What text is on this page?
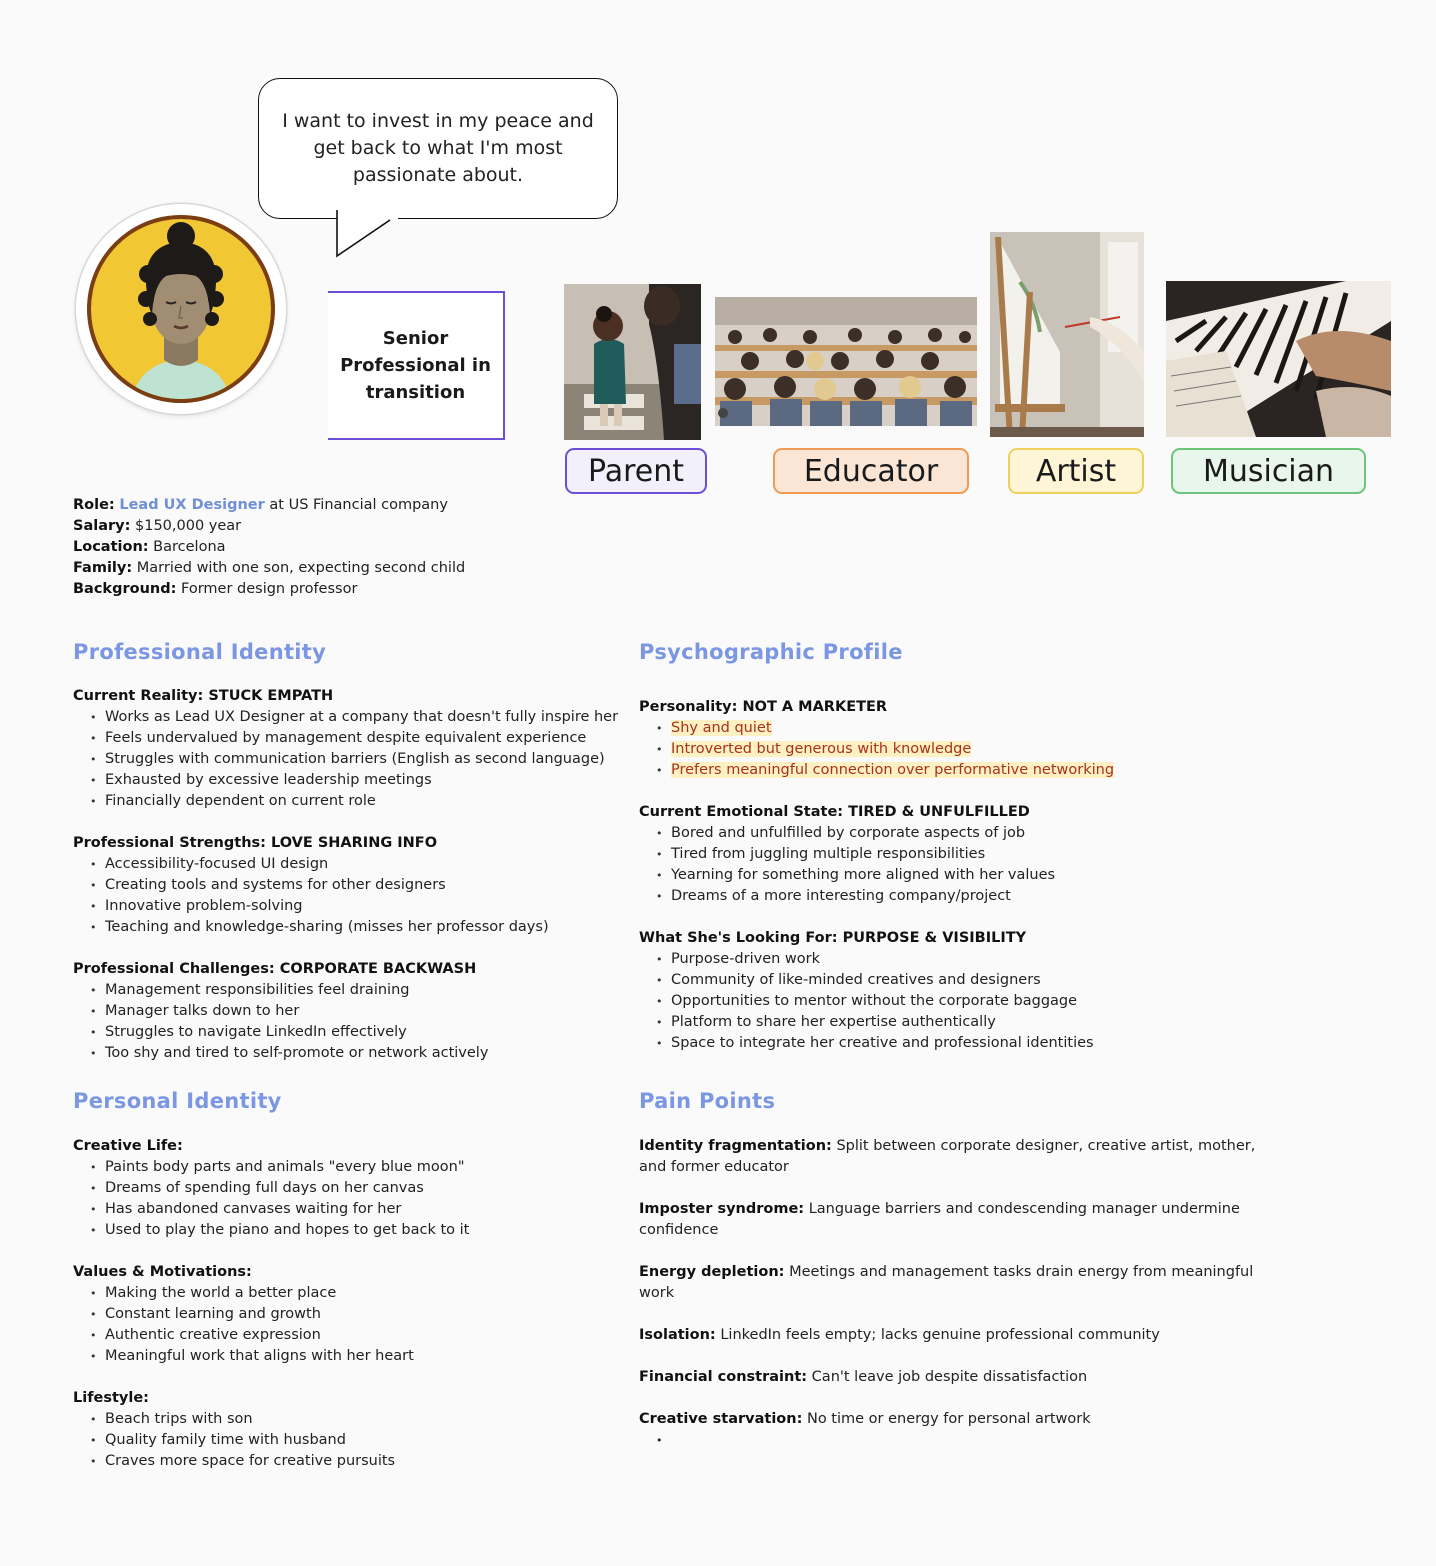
I want to invest in my peace and get back to what I'm most passionate about.
Senior Professional in transition
Parent	Educator	Artist	Musician
Role: Lead UX Designer at US Financial company
Salary: $150,000 year
Location: Barcelona
Family: Married with one son, expecting second child
Background: Former design professor
Professional Identity
Current Reality: STUCK EMPATH
• Works as Lead UX Designer at a company that doesn't fully inspire her
• Feels undervalued by management despite equivalent experience
• Struggles with communication barriers (English as second language)
• Exhausted by excessive leadership meetings
• Financially dependent on current role
Professional Strengths: LOVE SHARING INFO
• Accessibility-focused UI design
• Creating tools and systems for other designers
• Innovative problem-solving
• Teaching and knowledge-sharing (misses her professor days)
Professional Challenges: CORPORATE BACKWASH
• Management responsibilities feel draining
• Manager talks down to her
• Struggles to navigate LinkedIn effectively
• Too shy and tired to self-promote or network actively
Personal Identity
Creative Life:
• Paints body parts and animals "every blue moon"
• Dreams of spending full days on her canvas
• Has abandoned canvases waiting for her
• Used to play the piano and hopes to get back to it
Values & Motivations:
• Making the world a better place
• Constant learning and growth
• Authentic creative expression
• Meaningful work that aligns with her heart
Lifestyle:
• Beach trips with son
• Quality family time with husband
• Craves more space for creative pursuits
Psychographic Profile
Personality: NOT A MARKETER
• Shy and quiet
• Introverted but generous with knowledge
• Prefers meaningful connection over performative networking
Current Emotional State: TIRED & UNFULFILLED
• Bored and unfulfilled by corporate aspects of job
• Tired from juggling multiple responsibilities
• Yearning for something more aligned with her values
• Dreams of a more interesting company/project
What She's Looking For: PURPOSE & VISIBILITY
• Purpose-driven work
• Community of like-minded creatives and designers
• Opportunities to mentor without the corporate baggage
• Platform to share her expertise authentically
• Space to integrate her creative and professional identities
Pain Points
Identity fragmentation: Split between corporate designer, creative artist, mother, and former educator
Imposter syndrome: Language barriers and condescending manager undermine confidence
Energy depletion: Meetings and management tasks drain energy from meaningful work
Isolation: LinkedIn feels empty; lacks genuine professional community
Financial constraint: Can't leave job despite dissatisfaction
Creative starvation: No time or energy for personal artwork
•
